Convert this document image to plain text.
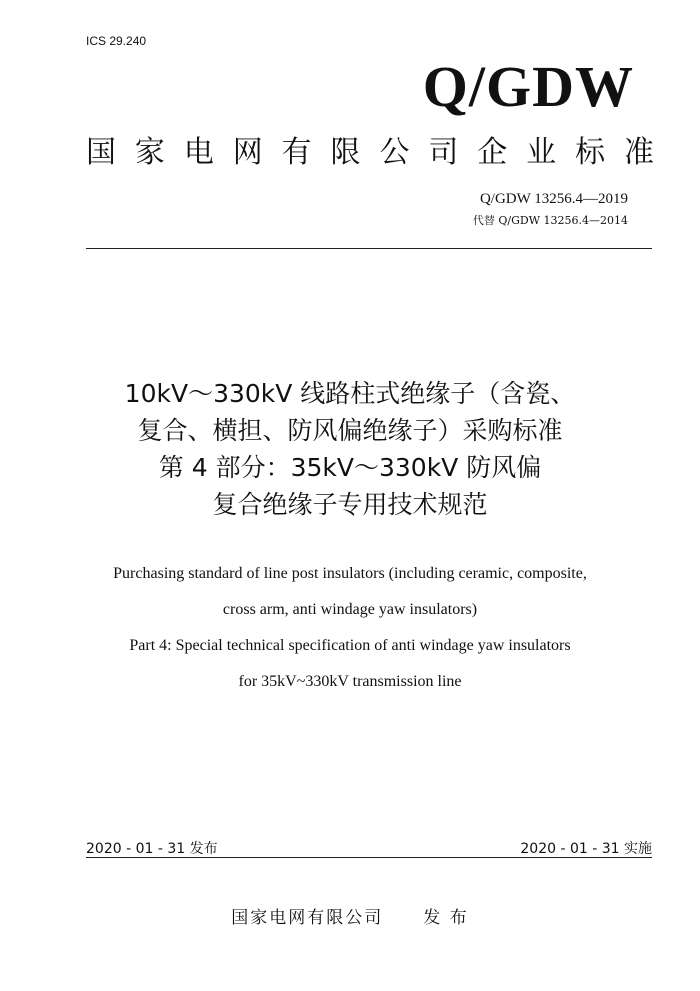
ICS 29.240
Q/GDW
国 家 电 网 有 限 公 司 企 业 标 准
Q/GDW 13256.4—2019
代替 Q/GDW 13256.4—2014
10kV～330kV 线路柱式绝缘子（含瓷、
复合、横担、防风偏绝缘子）采购标准
第 4 部分：35kV～330kV 防风偏
复合绝缘子专用技术规范
Purchasing standard of line post insulators (including ceramic, composite,
cross arm, anti windage yaw insulators)
Part 4: Special technical specification of anti windage yaw insulators
for 35kV~330kV transmission line
2020 - 01 - 31 发布	2020 - 01 - 31 实施
国家电网有限公司 发 布
